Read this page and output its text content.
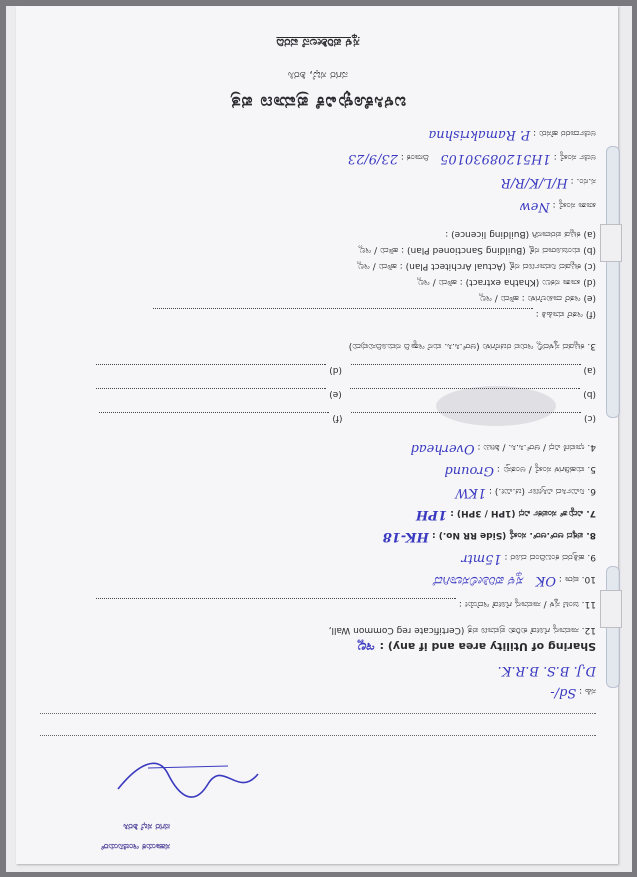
ಬಳಸಿಕೊಳ್ಳುವಿಕೆ ಪ್ರಮಾಣ ಪತ್ರ
ನಗರ ಸಭೆ, ಶಿರಸಿ
ಸ್ಥಳ ಪರಿಶೀಲನೆ ವರದಿ
ಅರ್ಜಿದಾರರ ಹೆಸರು : P. Ramakrishna
ಅರ್ಜಿ ಸಂಖ್ಯೆ : 1H51208930105    ದಿನಾಂಕ : 23/9/23
ಸ.ನಂ. : H/L/K/R/R
ಖಾತಾ ಸಂಖ್ಯೆ : New
(a) ಕಟ್ಟಡ ಪರವಾನಗಿ (Building licence) :
(b) ಮಂಜೂರಾದ ನಕ್ಷೆ (Building Sanctioned Plan) : ಹೌದು / ಇಲ್ಲ
(c) ಕಟ್ಟಡದ ನಿರ್ಮಾಣದ ನಕ್ಷೆ (Actual Architect Plan) : ಹೌದು / ಇಲ್ಲ
(d) ಖಾತಾ ನಕಲು (Khatha extract) : ಹೌದು / ಇಲ್ಲ
(e) ಇತರೆ ದಾಖಲೆಗಳು : ಹೌದು / ಇಲ್ಲ
(f) ಇತರೆ ಮಾಹಿತಿ :
3. ಕಟ್ಟಡದ ಸ್ಥಳದಲ್ಲಿ ಇರುವ ರಚನೆಗಳು (ಆರ್.ಸಿ.ಸಿ. ಮನೆ ಇತ್ಯಾದಿ ನಮೂದಿಸುವುದು)
(a)    (d)
(b)    (e)
(c)    (f)
4. ಛಾವಣಿ ವಿಧ / ಆರ್.ಸಿ.ಸಿ. / ಶೀಟು : Overhead
5. ಮಹಡಿಗಳ ಸಂಖ್ಯೆ / ಅಂತಸ್ತು : Ground
6. ನಿರ್ಮಿಸಿದ ವಿಸ್ತೀರ್ಣ (ಚ.ಮೀ.) : 1KW
7. ವಿದ್ಯುತ್ ಸಂಪರ್ಕ ವಿಧ (1PH / 3PH) : 1PH
8. ಪಕ್ಕದ ಆರ್.ಆರ್. ಸಂಖ್ಯೆ (Side RR No.) : HK-18
9. ಹತ್ತಿರದ ಕಂಬದಿಂದ ದೂರ : 15mtr
10. ಷರಾ : OK    ಸ್ಥಳ ಪರಿಶೀಲಿಸಲಾಗಿದೆ
11. ಜಂಟಿ ಸ್ಥಳ / ಸಾಮಾನ್ಯ ಗೋಡೆ ಇದೆಯೇ :
12. ಸಾಮಾನ್ಯ ಗೋಡೆ ಕುರಿತು ಪ್ರಮಾಣ ಪತ್ರ (Certificate reg Common Wall,
Sharing of Utility area and if any) : ಇಲ್ಲ
D.J. B.S. B.R.K.
ಸಹಿ : Sd/-
ಸಹಾಯಕ ಇಂಜಿನಿಯರ್
ನಗರ ಸಭೆ ಶಿರಸಿ
